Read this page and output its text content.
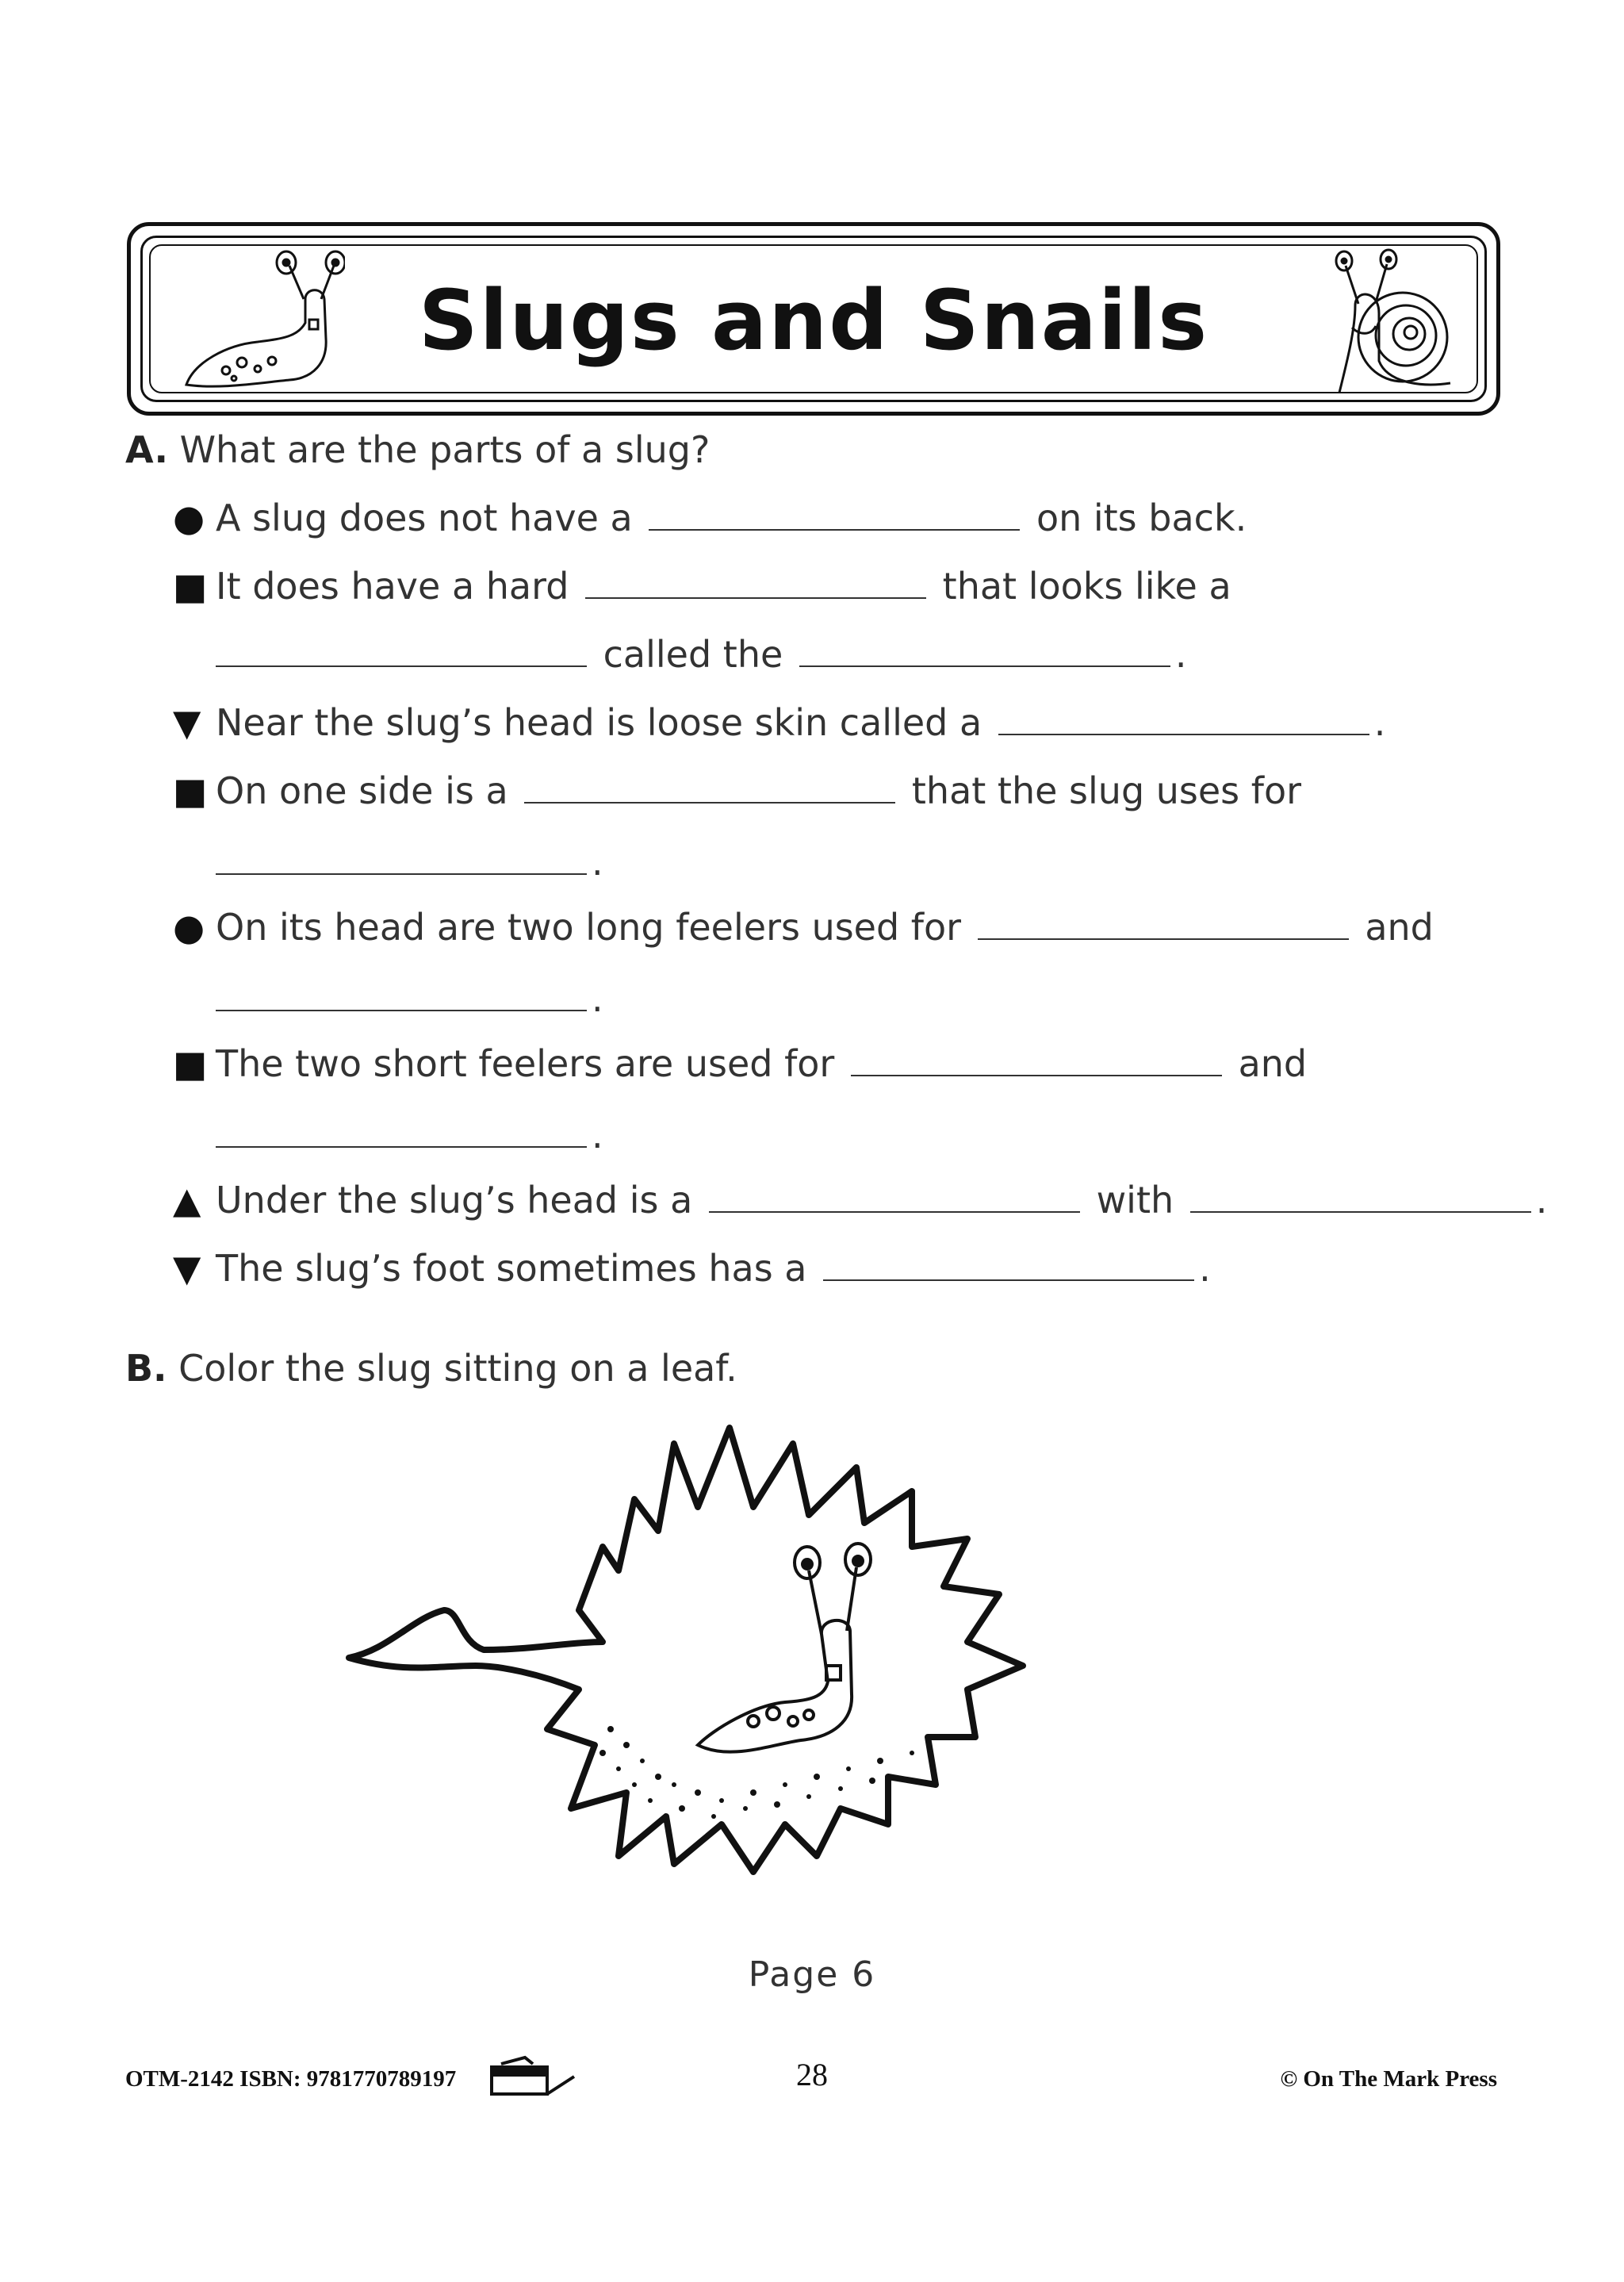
Slugs and Snails
A. What are the parts of a slug?
● A slug does not have a	on its back.
■ It does have a hard	that looks like a
called the	.
▼ Near the slug’s head is loose skin called a	.
■ On one side is a	that the slug uses for
.
● On its head are two long feelers used for	and
.
■ The two short feelers are used for	and
.
▲ Under the slug’s head is a	with	.
▼ The slug’s foot sometimes has a	.
B. Color the slug sitting on a leaf.
Page 6
OTM-2142 ISBN: 9781770789197	28	© On The Mark Press
